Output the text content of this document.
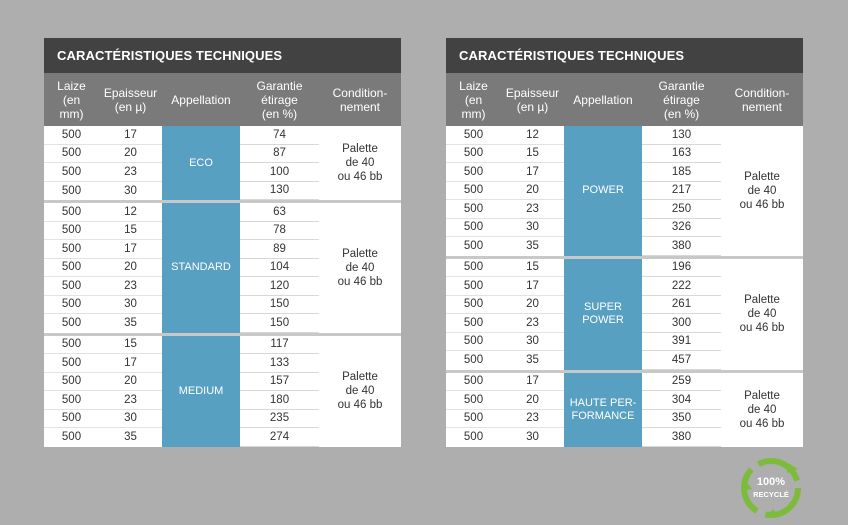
CARACTÉRISTIQUES TECHNIQUES
Laize
(en
mm)
Epaisseur
(en µ)	Appellation
Garantie
étirage
(en %)
Condition-
nement
500
500
500
500
17
20
23
30
ECO
74
87
100
130
Palette
de 40
ou 46 bb
500
500
500
500
500
500
500
12
15
17
20
23
30
35
STANDARD
63
78
89
104
120
150
150
Palette
de 40
ou 46 bb
500
500
500
500
500
500
15
17
20
23
30
35
MEDIUM
117
133
157
180
235
274
Palette
de 40
ou 46 bb
CARACTÉRISTIQUES TECHNIQUES
Laize
(en
mm)
Epaisseur
(en µ)	Appellation
Garantie
étirage
(en %)
Condition-
nement
500
500
500
500
500
500
500
12
15
17
20
23
30
35
POWER
130
163
185
217
250
326
380
Palette
de 40
ou 46 bb
500
500
500
500
500
500
15
17
20
23
30
35
SUPER
POWER
196
222
261
300
391
457
Palette
de 40
ou 46 bb
500
500
500
500
17
20
23
30
HAUTE PER-
FORMANCE
259
304
350
380
Palette
de 40
ou 46 bb
100%
RECYCLÉ
